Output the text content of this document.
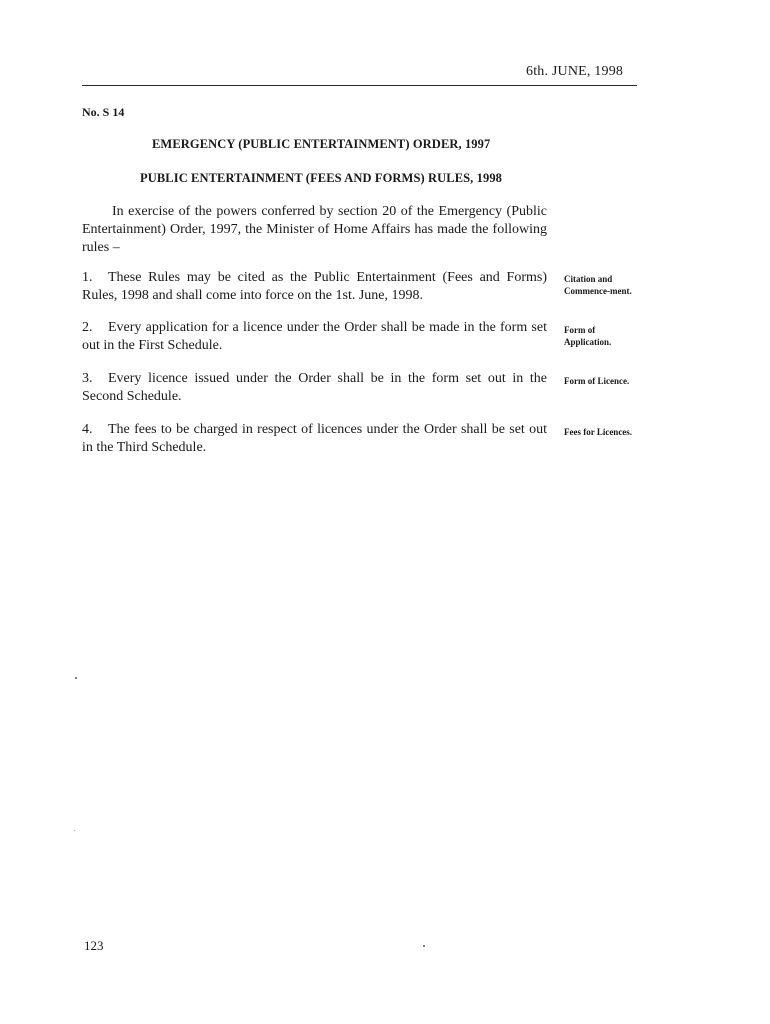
6th. JUNE, 1998
No. S 14
EMERGENCY (PUBLIC ENTERTAINMENT) ORDER, 1997
PUBLIC ENTERTAINMENT (FEES AND FORMS) RULES, 1998
In exercise of the powers conferred by section 20 of the Emergency (Public Entertainment) Order, 1997, the Minister of Home Affairs has made the following rules –
1. These Rules may be cited as the Public Entertainment (Fees and Forms) Rules, 1998 and shall come into force on the 1st. June, 1998.
Citation and Commence-ment.
2. Every application for a licence under the Order shall be made in the form set out in the First Schedule.
Form of Application.
3. Every licence issued under the Order shall be in the form set out in the Second Schedule.
Form of Licence.
4. The fees to be charged in respect of licences under the Order shall be set out in the Third Schedule.
Fees for Licences.
123
